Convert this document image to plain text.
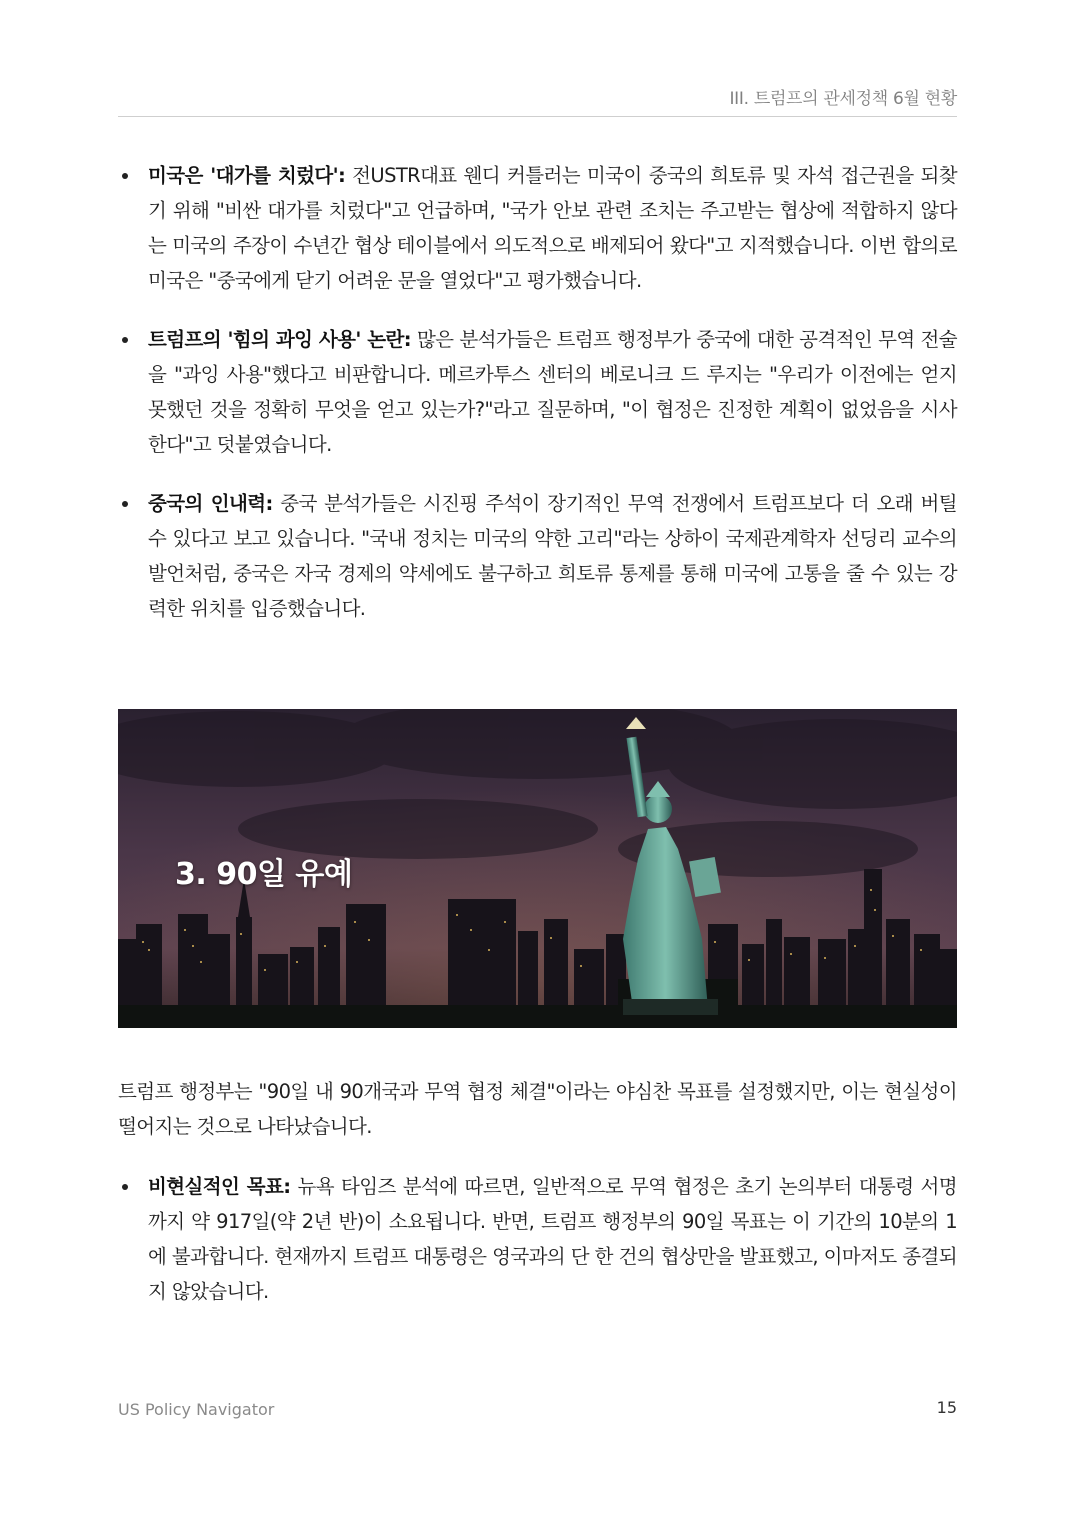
III. 트럼프의 관세정책 6월 현황
미국은 '대가를 치렀다': 전USTR대표 웬디 커틀러는 미국이 중국의 희토류 및 자석 접근권을 되찾기 위해 "비싼 대가를 치렀다"고 언급하며, "국가 안보 관련 조치는 주고받는 협상에 적합하지 않다는 미국의 주장이 수년간 협상 테이블에서 의도적으로 배제되어 왔다"고 지적했습니다. 이번 합의로 미국은 "중국에게 닫기 어려운 문을 열었다"고 평가했습니다.
트럼프의 '힘의 과잉 사용' 논란: 많은 분석가들은 트럼프 행정부가 중국에 대한 공격적인 무역 전술을 "과잉 사용"했다고 비판합니다. 메르카투스 센터의 베로니크 드 루지는 "우리가 이전에는 얻지 못했던 것을 정확히 무엇을 얻고 있는가?"라고 질문하며, "이 협정은 진정한 계획이 없었음을 시사한다"고 덧붙였습니다.
중국의 인내력: 중국 분석가들은 시진핑 주석이 장기적인 무역 전쟁에서 트럼프보다 더 오래 버틸 수 있다고 보고 있습니다. "국내 정치는 미국의 약한 고리"라는 상하이 국제관계학자 선딩리 교수의 발언처럼, 중국은 자국 경제의 약세에도 불구하고 희토류 통제를 통해 미국에 고통을 줄 수 있는 강력한 위치를 입증했습니다.
3. 90일 유예

트럼프 행정부는 "90일 내 90개국과 무역 협정 체결"이라는 야심찬 목표를 설정했지만, 이는 현실성이 떨어지는 것으로 나타났습니다.

비현실적인 목표: 뉴욕 타임즈 분석에 따르면, 일반적으로 무역 협정은 초기 논의부터 대통령 서명까지 약 917일(약 2년 반)이 소요됩니다. 반면, 트럼프 행정부의 90일 목표는 이 기간의 10분의 1에 불과합니다. 현재까지 트럼프 대통령은 영국과의 단 한 건의 협상만을 발표했고, 이마저도 종결되지 않았습니다.
US Policy Navigator	15
